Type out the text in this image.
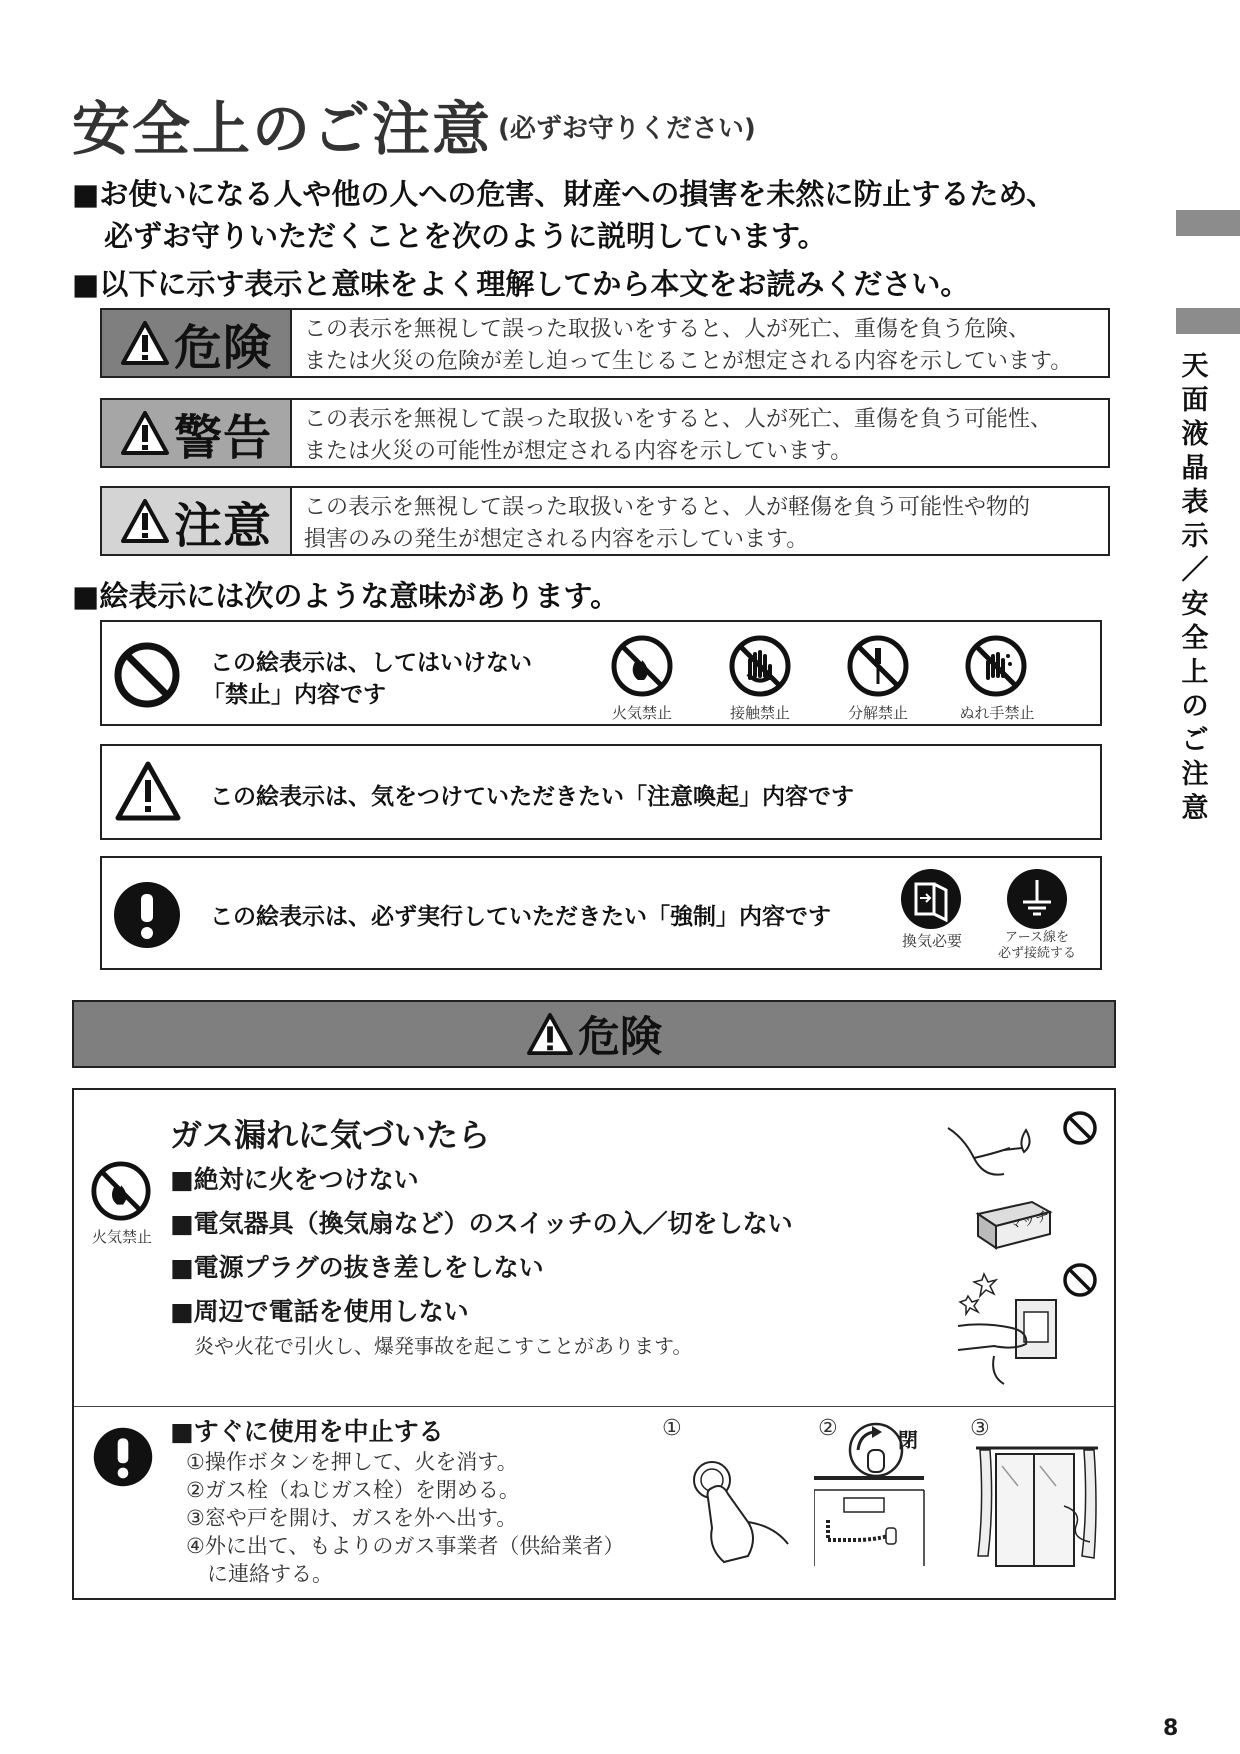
安全上のご注意 (必ずお守りください)
■お使いになる人や他の人への危害、財産への損害を未然に防止するため、
必ずお守りいただくことを次のように説明しています。
■以下に示す表示と意味をよく理解してから本文をお読みください。
天
面
液
晶
表
示
／
安
全
上
の
ご
注
意
危険 この表示を無視して誤った取扱いをすると、人が死亡、重傷を負う危険、
または火災の危険が差し迫って生じることが想定される内容を示しています。
警告 この表示を無視して誤った取扱いをすると、人が死亡、重傷を負う可能性、
または火災の可能性が想定される内容を示しています。
注意 この表示を無視して誤った取扱いをすると、人が軽傷を負う可能性や物的
損害のみの発生が想定される内容を示しています。
■絵表示には次のような意味があります。
この絵表示は、してはいけない
「禁止」内容です
火気禁止	接触禁止	分解禁止	ぬれ手禁止
この絵表示は、気をつけていただきたい「注意喚起」内容です
この絵表示は、必ず実行していただきたい「強制」内容です
換気必要	アース線を
必ず接続する
危険
火気禁止
ガス漏れに気づいたら
■絶対に火をつけない
■電気器具（換気扇など）のスイッチの入／切をしない
■電源プラグの抜き差しをしない
■周辺で電話を使用しない
炎や火花で引火し、爆発事故を起こすことがあります。
マッチ
■すぐに使用を中止する
①操作ボタンを押して、火を消す。
②ガス栓（ねじガス栓）を閉める。
③窓や戸を開け、ガスを外へ出す。
④外に出て、もよりのガス事業者（供給業者）
　に連絡する。
①	②	閉 ③
8
